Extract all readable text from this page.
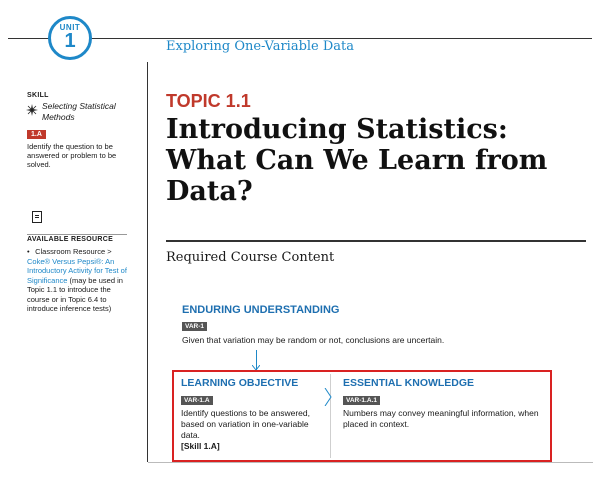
UNIT
1	Exploring One-Variable Data
SKILL
Selecting Statistical Methods
1.A
Identify the question to be answered or problem to be solved.
AVAILABLE RESOURCE
• Classroom Resource > Coke® Versus Pepsi®: An Introductory Activity for Test of Significance (may be used in Topic 1.1 to introduce the course or in Topic 6.4 to introduce inference tests)
TOPIC 1.1
Introducing Statistics: What Can We Learn from Data?
Required Course Content
ENDURING UNDERSTANDING
VAR-1
Given that variation may be random or not, conclusions are uncertain.
LEARNING OBJECTIVE
VAR-1.A
Identify questions to be answered, based on variation in one-variable data.
[Skill 1.A]
ESSENTIAL KNOWLEDGE
VAR-1.A.1
Numbers may convey meaningful information, when placed in context.
